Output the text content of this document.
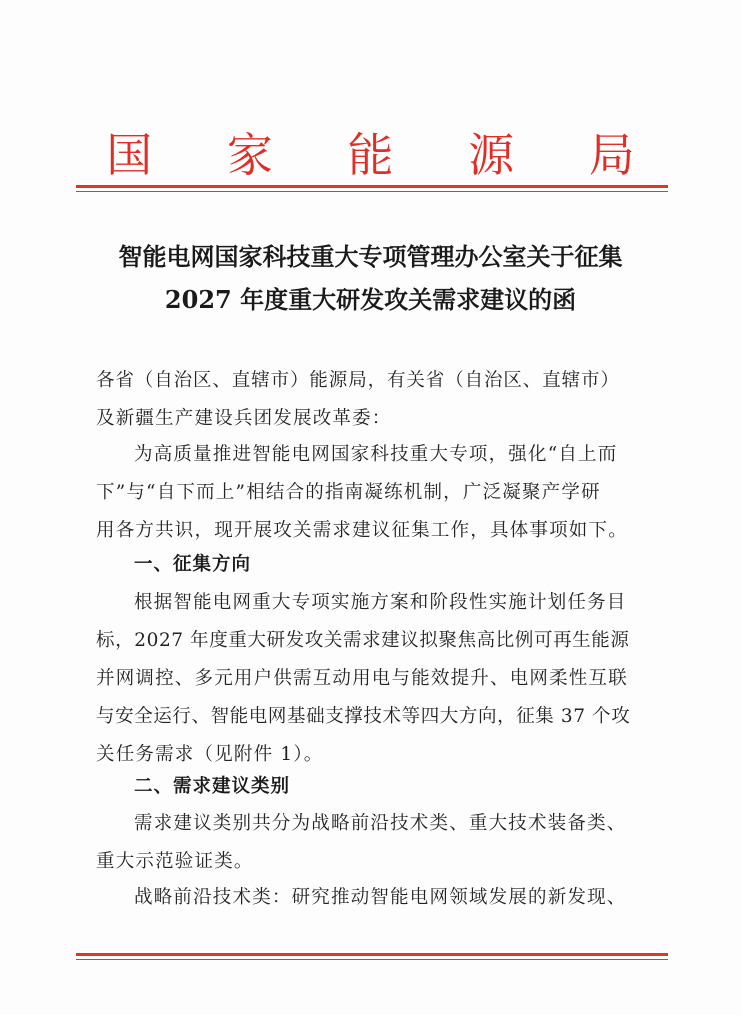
国 家 能 源 局
智能电网国家科技重大专项管理办公室关于征集
2027 年度重大研发攻关需求建议的函
各省（自治区、直辖市）能源局，有关省（自治区、直辖市）
及新疆生产建设兵团发展改革委：
为高质量推进智能电网国家科技重大专项，强化“自上而
下”与“自下而上”相结合的指南凝练机制，广泛凝聚产学研
用各方共识，现开展攻关需求建议征集工作，具体事项如下。
一、征集方向
根据智能电网重大专项实施方案和阶段性实施计划任务目
标，2027 年度重大研发攻关需求建议拟聚焦高比例可再生能源
并网调控、多元用户供需互动用电与能效提升、电网柔性互联
与安全运行、智能电网基础支撑技术等四大方向，征集 37 个攻
关任务需求（见附件 1）。
二、需求建议类别
需求建议类别共分为战略前沿技术类、重大技术装备类、
重大示范验证类。
战略前沿技术类：研究推动智能电网领域发展的新发现、
